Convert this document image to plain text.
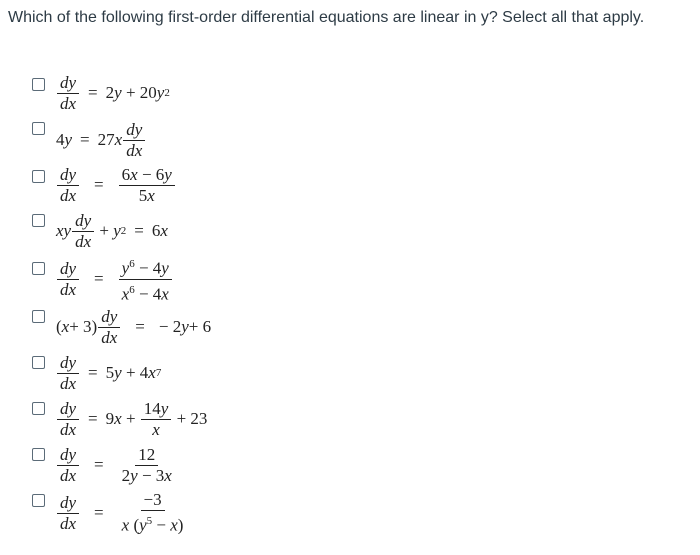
Which of the following first-order differential equations are linear in y? Select all that apply.
$\frac{dy}{dx} = 2$ y + 20 y 2
4 y = 27 x $\frac{dy}{dx}$
$\frac{dy}{dx} = \frac{6x - 6y}{5x}$
xy $\frac{dy}{dx} + y$ 2 = 6 x
$\frac{dy}{dx} = \frac{y^6 - 4y}{x^6 - 4x}$
( $x + 3) \frac{dy}{dx}$ = − 2 y + 6
$\frac{dy}{dx} = 5$ y + 4 x 7
$\frac{dy}{dx} = 9$ $x + \frac{14y}{x} + 23$
$\frac{dy}{dx} = \frac{12}{2y - 3x}$
$\frac{dy}{dx} = \frac{-3}{x (y^5 - x)}$
